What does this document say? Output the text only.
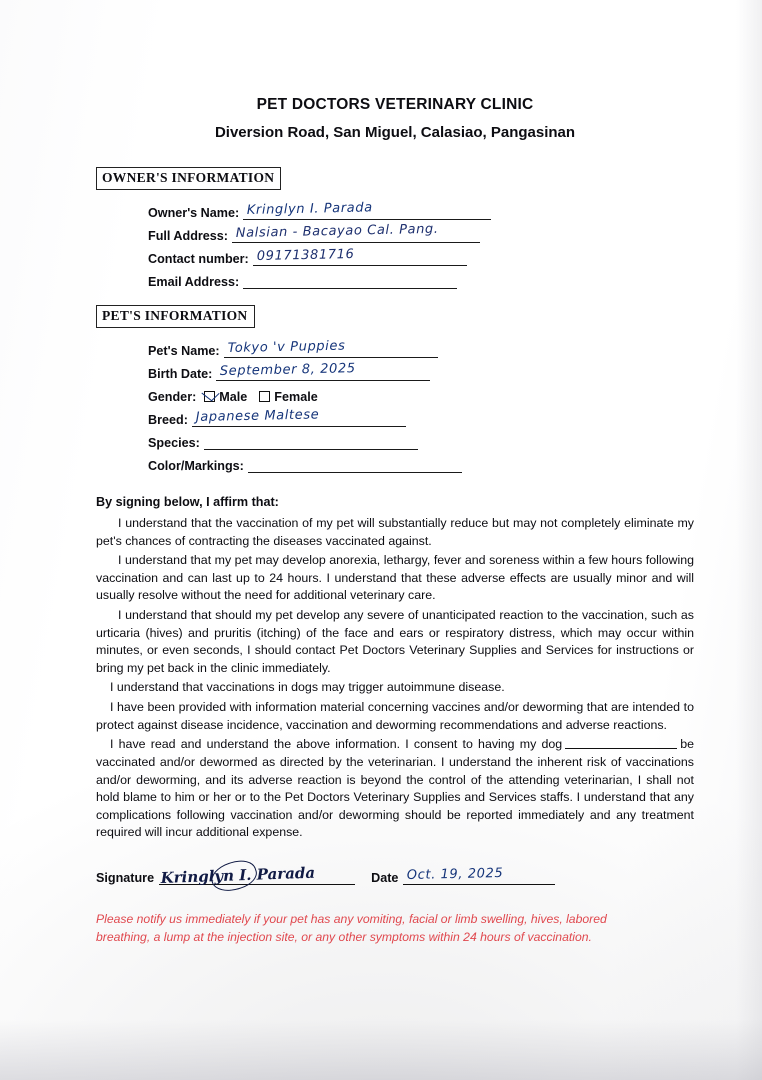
PET DOCTORS VETERINARY CLINIC
Diversion Road, San Miguel, Calasiao, Pangasinan
OWNER'S INFORMATION
Owner's Name: Kringlyn I. Parada
Full Address: Nalsian - Bacayao Cal. Pang.
Contact number: 09171381716
Email Address:
PET'S INFORMATION
Pet's Name: Tokyo 'v Puppies
Birth Date: September 8, 2025
Gender:	Male	Female
Breed: Japanese Maltese
Species:
Color/Markings:
By signing below, I affirm that:

I understand that the vaccination of my pet will substantially reduce but may not completely eliminate my pet's chances of contracting the diseases vaccinated against.

I understand that my pet may develop anorexia, lethargy, fever and soreness within a few hours following vaccination and can last up to 24 hours. I understand that these adverse effects are usually minor and will usually resolve without the need for additional veterinary care.

I understand that should my pet develop any severe of unanticipated reaction to the vaccination, such as urticaria (hives) and pruritis (itching) of the face and ears or respiratory distress, which may occur within minutes, or even seconds, I should contact Pet Doctors Veterinary Supplies and Services for instructions or bring my pet back in the clinic immediately.

I understand that vaccinations in dogs may trigger autoimmune disease.

I have been provided with information material concerning vaccines and/or deworming that are intended to protect against disease incidence, vaccination and deworming recommendations and adverse reactions.

I have read and understand the above information. I consent to having my dog	be vaccinated and/or dewormed as directed by the veterinarian. I understand the inherent risk of vaccinations and/or deworming, and its adverse reaction is beyond the control of the attending veterinarian, I shall not hold blame to him or her or to the Pet Doctors Veterinary Supplies and Services staffs. I understand that any complications following vaccination and/or deworming should be reported immediately and any treatment required will incur additional expense.

Signature Kringlyn I. Parada	Date Oct. 19, 2025
Please notify us immediately if your pet has any vomiting, facial or limb swelling, hives, labored breathing, a lump at the injection site, or any other symptoms within 24 hours of vaccination.
